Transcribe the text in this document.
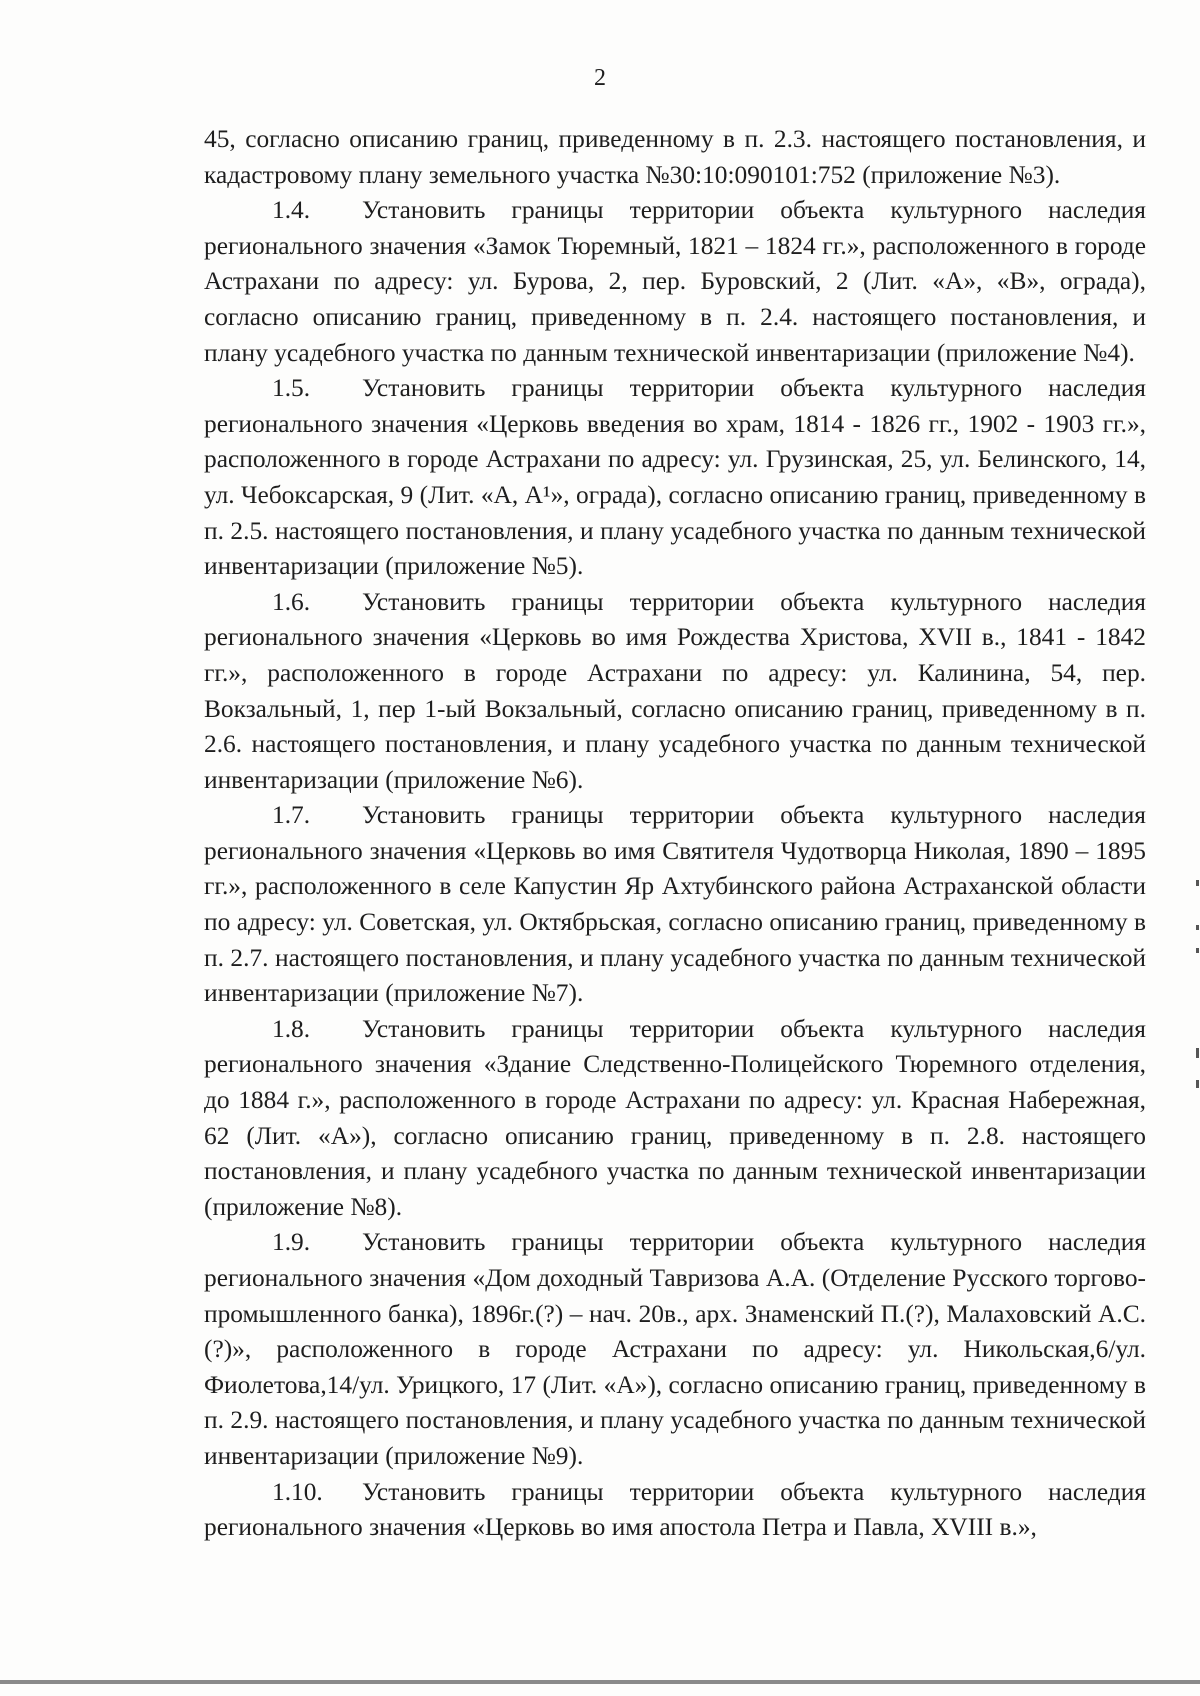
2

45, согласно описанию границ, приведенному в п. 2.3. настоящего постановления, и кадастровому плану земельного участка №30:10:090101:752 (приложение №3).

1.4. Установить границы территории объекта культурного наследия регионального значения «Замок Тюремный, 1821 – 1824 гг.», расположенного в городе Астрахани по адресу: ул. Бурова, 2, пер. Буровский, 2 (Лит. «А», «В», ограда), согласно описанию границ, приведенному в п. 2.4. настоящего постановления, и плану усадебного участка по данным технической инвентаризации (приложение №4).

1.5. Установить границы территории объекта культурного наследия регионального значения «Церковь введения во храм, 1814 - 1826 гг., 1902 - 1903 гг.», расположенного в городе Астрахани по адресу: ул. Грузинская, 25, ул. Белинского, 14, ул. Чебоксарская, 9 (Лит. «А, А¹», ограда), согласно описанию границ, приведенному в п. 2.5. настоящего постановления, и плану усадебного участка по данным технической инвентаризации (приложение №5).

1.6. Установить границы территории объекта культурного наследия регионального значения «Церковь во имя Рождества Христова, XVII в., 1841 - 1842 гг.», расположенного в городе Астрахани по адресу: ул. Калинина, 54, пер. Вокзальный, 1, пер 1-ый Вокзальный, согласно описанию границ, приведенному в п. 2.6. настоящего постановления, и плану усадебного участка по данным технической инвентаризации (приложение №6).

1.7. Установить границы территории объекта культурного наследия регионального значения «Церковь во имя Святителя Чудотворца Николая, 1890 – 1895 гг.», расположенного в селе Капустин Яр Ахтубинского района Астраханской области по адресу: ул. Советская, ул. Октябрьская, согласно описанию границ, приведенному в п. 2.7. настоящего постановления, и плану усадебного участка по данным технической инвентаризации (приложение №7).

1.8. Установить границы территории объекта культурного наследия регионального значения «Здание Следственно-Полицейского Тюремного отделения, до 1884 г.», расположенного в городе Астрахани по адресу: ул. Красная Набережная, 62 (Лит. «А»), согласно описанию границ, приведенному в п. 2.8. настоящего постановления, и плану усадебного участка по данным технической инвентаризации (приложение №8).

1.9. Установить границы территории объекта культурного наследия регионального значения «Дом доходный Тавризова А.А. (Отделение Русского торгово-промышленного банка), 1896г.(?) – нач. 20в., арх. Знаменский П.(?), Малаховский А.С.(?)», расположенного в городе Астрахани по адресу: ул. Никольская,6/ул. Фиолетова,14/ул. Урицкого, 17 (Лит. «А»), согласно описанию границ, приведенному в п. 2.9. настоящего постановления, и плану усадебного участка по данным технической инвентаризации (приложение №9).

1.10. Установить границы территории объекта культурного наследия регионального значения «Церковь во имя апостола Петра и Павла, XVIII в.»,
